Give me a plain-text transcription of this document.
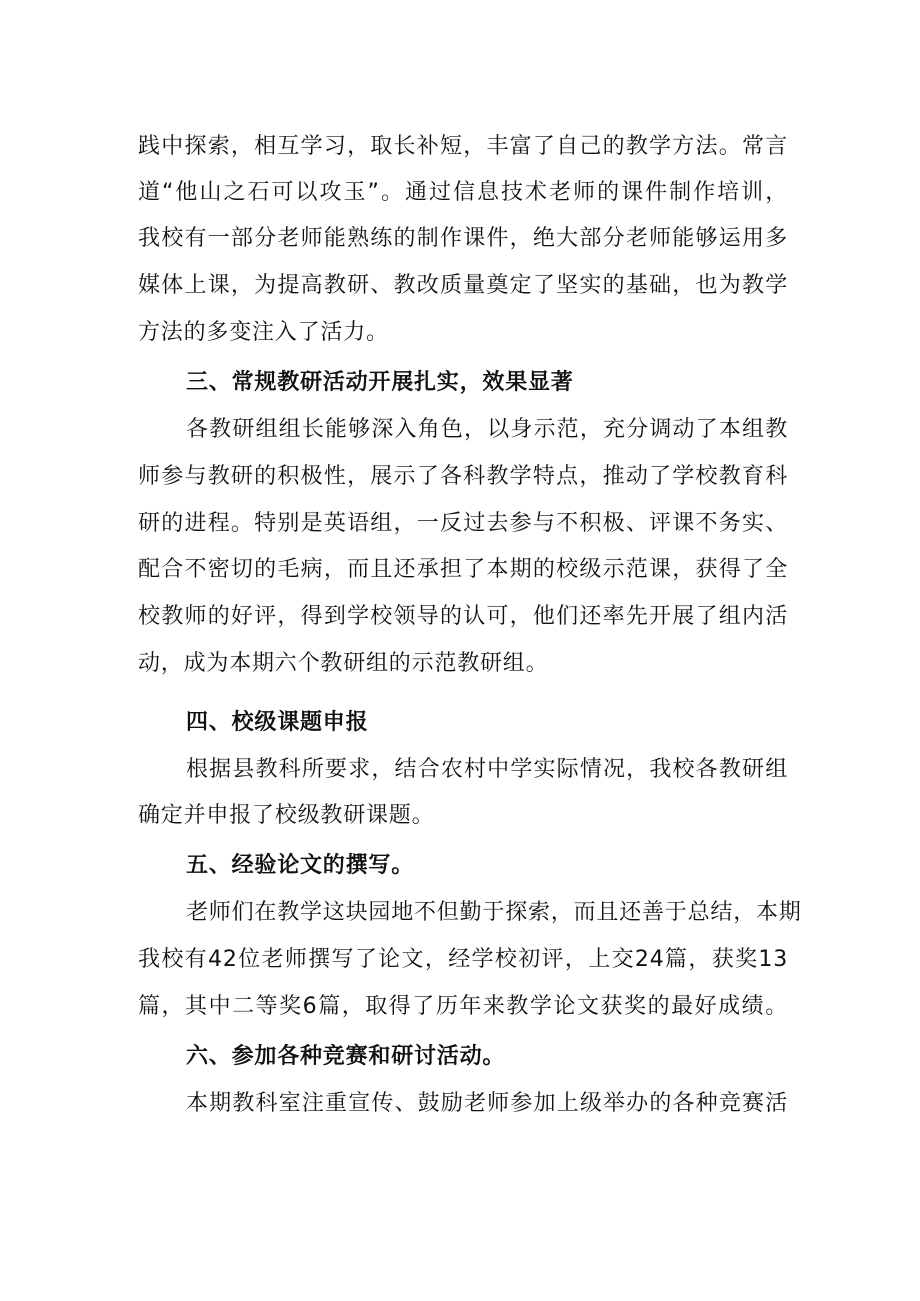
践中探索，相互学习，取长补短，丰富了自己的教学方法。常言
道“他山之石可以攻玉”。通过信息技术老师的课件制作培训，
我校有一部分老师能熟练的制作课件，绝大部分老师能够运用多
媒体上课，为提高教研、教改质量奠定了坚实的基础，也为教学
方法的多变注入了活力。
三、常规教研活动开展扎实，效果显著
各教研组组长能够深入角色，以身示范，充分调动了本组教
师参与教研的积极性，展示了各科教学特点，推动了学校教育科
研的进程。特别是英语组，一反过去参与不积极、评课不务实、
配合不密切的毛病，而且还承担了本期的校级示范课，获得了全
校教师的好评，得到学校领导的认可，他们还率先开展了组内活
动，成为本期六个教研组的示范教研组。
四、校级课题申报
根据县教科所要求，结合农村中学实际情况，我校各教研组
确定并申报了校级教研课题。
五、经验论文的撰写。
老师们在教学这块园地不但勤于探索，而且还善于总结，本期
我校有42位老师撰写了论文，经学校初评，上交24篇，获奖13
篇，其中二等奖6篇，取得了历年来教学论文获奖的最好成绩。
六、参加各种竞赛和研讨活动。
本期教科室注重宣传、鼓励老师参加上级举办的各种竞赛活
